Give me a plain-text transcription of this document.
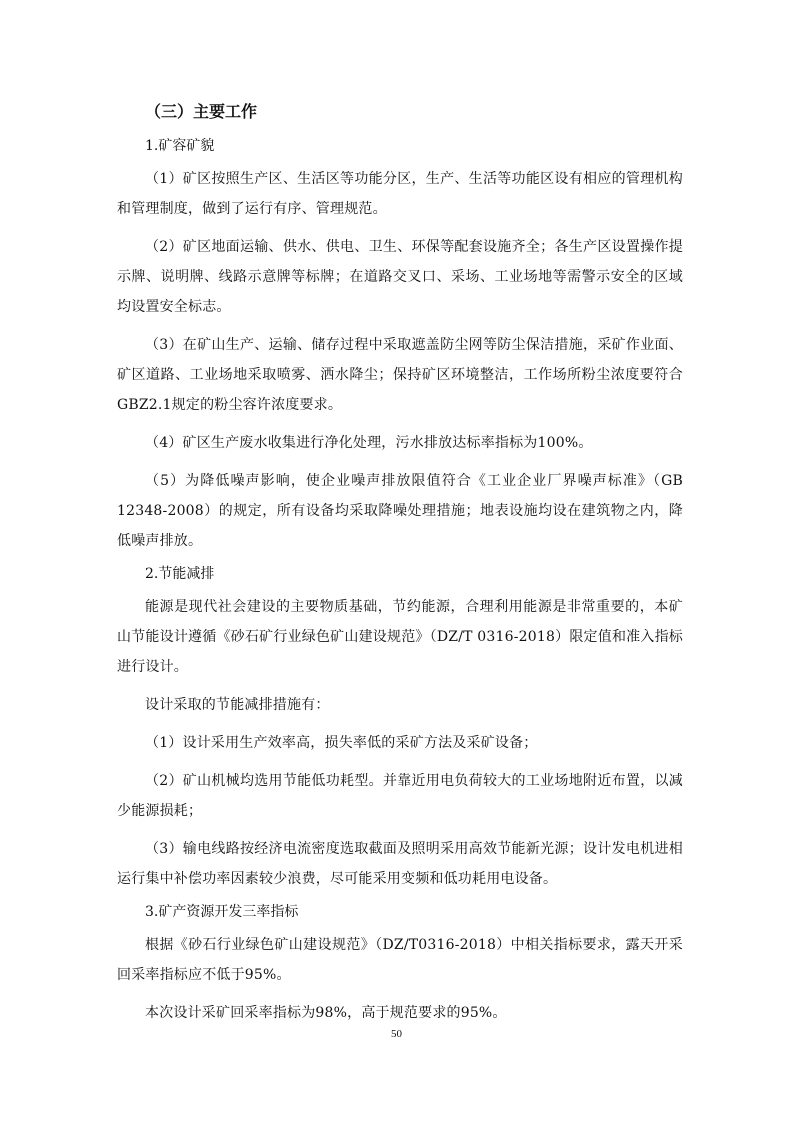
（三）主要工作
1.矿容矿貌

（1）矿区按照生产区、生活区等功能分区，生产、生活等功能区设有相应的管理机构和管理制度，做到了运行有序、管理规范。

（2）矿区地面运输、供水、供电、卫生、环保等配套设施齐全；各生产区设置操作提示牌、说明牌、线路示意牌等标牌；在道路交叉口、采场、工业场地等需警示安全的区域均设置安全标志。

（3）在矿山生产、运输、储存过程中采取遮盖防尘网等防尘保洁措施，采矿作业面、矿区道路、工业场地采取喷雾、洒水降尘；保持矿区环境整洁，工作场所粉尘浓度要符合GBZ2.1规定的粉尘容许浓度要求。

（4）矿区生产废水收集进行净化处理，污水排放达标率指标为100%。

（5）为降低噪声影响，使企业噪声排放限值符合《工业企业厂界噪声标准》（GB 12348-2008）的规定，所有设备均采取降噪处理措施；地表设施均设在建筑物之内，降低噪声排放。

2.节能减排

能源是现代社会建设的主要物质基础，节约能源，合理利用能源是非常重要的，本矿山节能设计遵循《砂石矿行业绿色矿山建设规范》（DZ/T 0316-2018）限定值和准入指标进行设计。

设计采取的节能减排措施有：

（1）设计采用生产效率高，损失率低的采矿方法及采矿设备；

（2）矿山机械均选用节能低功耗型。并靠近用电负荷较大的工业场地附近布置，以减少能源损耗；

（3）输电线路按经济电流密度选取截面及照明采用高效节能新光源；设计发电机进相运行集中补偿功率因素较少浪费，尽可能采用变频和低功耗用电设备。

3.矿产资源开发三率指标

根据《砂石行业绿色矿山建设规范》（DZ/T0316-2018）中相关指标要求，露天开采回采率指标应不低于95%。

本次设计采矿回采率指标为98%，高于规范要求的95%。

50
